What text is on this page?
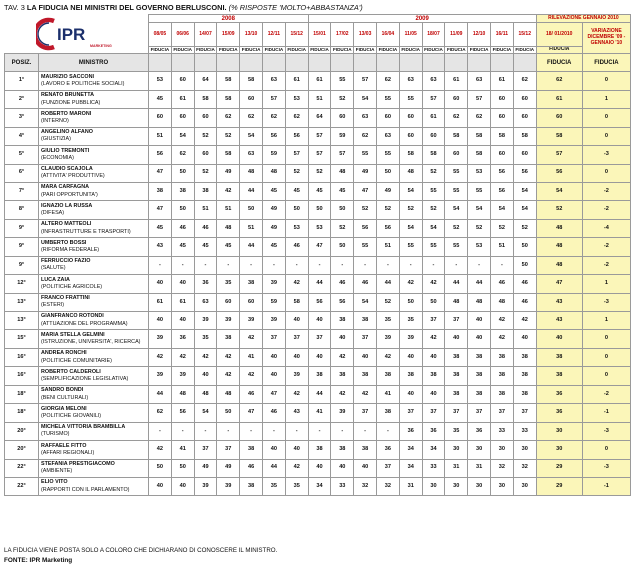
TAV. 3 LA FIDUCIA NEI MINISTRI DEL GOVERNO BERLUSCONI. (% RISPOSTE 'MOLTO+ABBASTANZA')
IPR
MARKETING		2008							2009										RILEVAZIONE GENNAIO 2010	
		08/05	06/06	14/07	15/09	13/10	12/11	15/12	15/01	17/02	13/03	16/04	11/05	18/07	11/09	12/10	16/11	15/12	18/ 01/2010	VARIAZIONE DICEMBRE '09 - GENNAIO '10
		FIDUCIA	FIDUCIA	FIDUCIA	FIDUCIA	FIDUCIA	FIDUCIA	FIDUCIA	FIDUCIA	FIDUCIA	FIDUCIA	FIDUCIA	FIDUCIA	FIDUCIA	FIDUCIA	FIDUCIA	FIDUCIA	FIDUCIA	FIDUCIA	
POSIZ.	MINISTRO																		FIDUCIA	FIDUCIA
1°	MAURIZIO SACCONI
(LAVORO E POLITICHE SOCIALI)	53	60	64	58	58	63	61	61	55	57	62	63	63	61	63	61	62	62	0
2°	RENATO BRUNETTA
(FUNZIONE PUBBLICA)	45	61	58	58	60	57	53	51	52	54	55	55	57	60	57	60	60	61	1
3°	ROBERTO MARONI
(INTERNO)	60	60	60	62	62	62	62	64	60	63	60	60	61	62	62	60	60	60	0
4°	ANGELINO ALFANO
(GIUSTIZIA)	51	54	52	52	54	56	56	57	59	62	63	60	60	58	58	58	58	58	0
5°	GIULIO TREMONTI
(ECONOMIA)	56	62	60	58	63	59	57	57	57	55	55	58	58	60	58	60	60	57	-3
6°	CLAUDIO SCAJOLA
(ATTIVITA' PRODUTTIVE)	47	50	52	49	48	48	52	52	48	49	50	48	52	55	53	56	56	56	0
7°	MARA CARFAGNA
(PARI OPPORTUNITA')	38	38	38	42	44	45	45	45	45	47	49	54	55	55	55	56	54	54	-2
8°	IGNAZIO LA RUSSA
(DIFESA)	47	50	51	51	50	49	50	50	50	52	52	52	52	54	54	54	54	52	-2
9°	ALTERO MATTEOLI
(INFRASTRUTTURE E TRASPORTI)	45	46	46	48	51	49	53	53	52	56	56	54	54	52	52	52	52	48	-4
9°	UMBERTO BOSSI
(RIFORMA FEDERALE)	43	45	45	45	44	45	46	47	50	55	51	55	55	55	53	51	50	48	-2
9°	FERRUCCIO FAZIO
(SALUTE)	-	-	-	-	-	-	-	-	-	-	-	-	-	-	-	-	50	48	-2
12°	LUCA ZAIA
(POLITICHE AGRICOLE)	40	40	36	35	38	39	42	44	46	46	44	42	42	44	44	46	46	47	1
13°	FRANCO FRATTINI
(ESTERI)	61	61	63	60	60	59	58	56	56	54	52	50	50	48	48	48	46	43	-3
13°	GIANFRANCO ROTONDI
(ATTUAZIONE DEL PROGRAMMA)	40	40	39	39	39	39	40	40	38	38	35	35	37	37	40	42	42	43	1
15°	MARIA STELLA GELMINI
(ISTRUZIONE, UNIVERSITA', RICERCA)	39	36	35	38	42	37	37	37	40	37	39	39	42	40	40	42	40	40	0
16°	ANDREA RONCHI
(POLITICHE COMUNITARIE)	42	42	42	42	41	40	40	40	42	40	42	40	40	38	38	38	38	38	0
16°	ROBERTO CALDEROLI
(SEMPLIFICAZIONE LEGISLATIVA)	39	39	40	42	42	40	39	38	38	38	38	38	38	38	38	38	38	38	0
18°	SANDRO BONDI
(BENI CULTURALI)	44	48	48	48	46	47	42	44	42	42	41	40	40	38	38	38	38	36	-2
18°	GIORGIA MELONI
(POLITICHE GIOVANILI)	62	56	54	50	47	46	43	41	39	37	38	37	37	37	37	37	37	36	-1
20°	MICHELA VITTORIA BRAMBILLA
(TURISMO)	-	-	-	-	-	-	-	-	-	-	-	36	36	35	36	33	33	30	-3
20°	RAFFAELE FITTO
(AFFARI REGIONALI)	42	41	37	37	38	40	40	38	38	38	36	34	34	30	30	30	30	30	0
22°	STEFANIA PRESTIGIACOMO
(AMBIENTE)	50	50	49	49	46	44	42	40	40	40	37	34	33	31	31	32	32	29	-3
22°	ELIO VITO
(RAPPORTI CON IL PARLAMENTO)	40	40	39	39	38	35	35	34	33	32	32	31	30	30	30	30	30	29	-1
LA FIDUCIA VIENE POSTA SOLO A COLORO CHE DICHIARANO DI CONOSCERE IL MINISTRO.
FONTE: IPR Marketing
